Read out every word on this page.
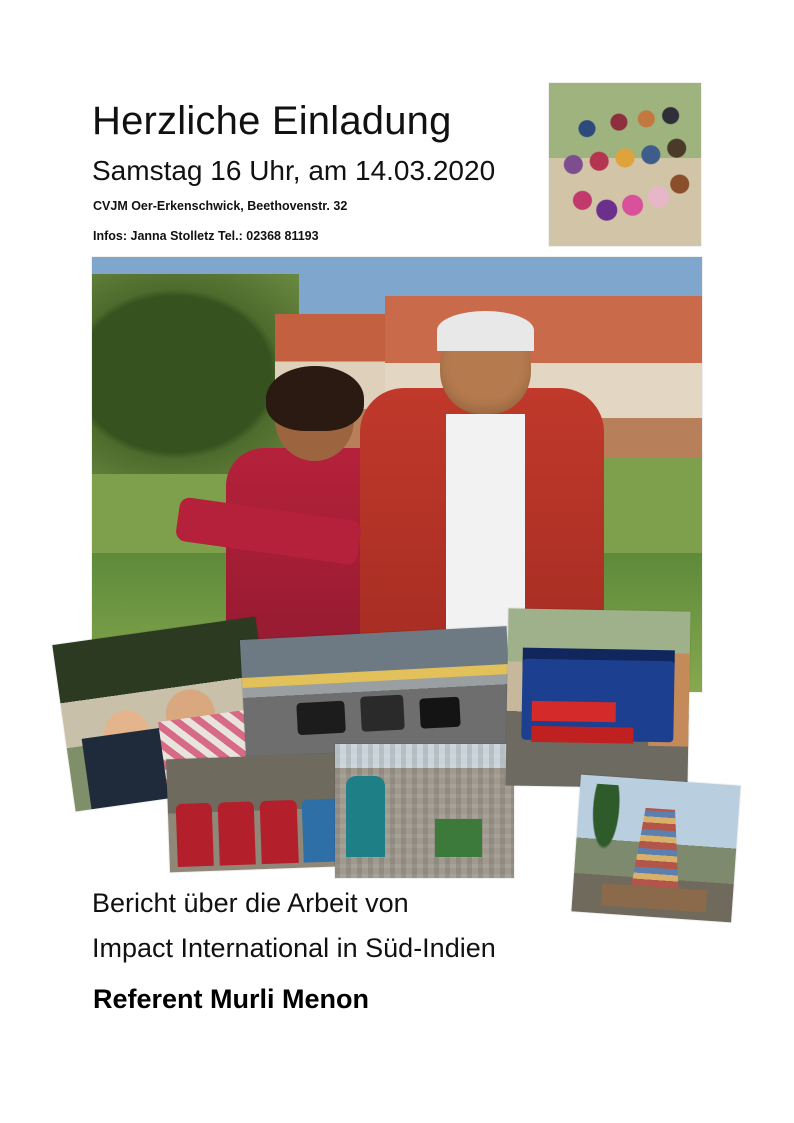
Herzliche Einladung
Samstag 16 Uhr, am 14.03.2020
CVJM Oer-Erkenschwick, Beethovenstr. 32
Infos: Janna Stolletz Tel.: 02368 81193
Bericht über die Arbeit von
Impact International in Süd-Indien
Referent Murli Menon
